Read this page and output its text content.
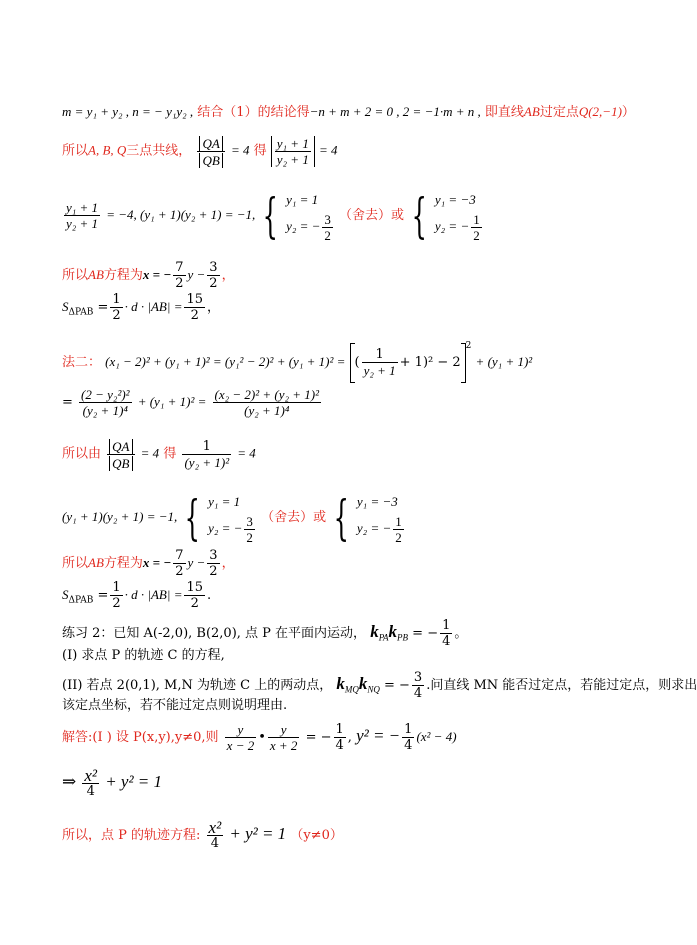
m = y₁ + y₂ , n = − y₁y₂ , 结合（1）的结论得−n + m + 2 = 0 , 2 = −1·m + n , 即直线AB过定点Q(2,−1)）
所以A, B, Q三点共线， $\frac{QA}{QB} = 4$ 得 $\frac{\text{y₁ + 1}}{\text{y₂ + 1}} = 4$
$\frac{\text{y₁ + 1}}{\text{y₂ + 1}} = -4$, (y₁ + 1)(y₂ + 1) = −1, { y₁ = 1
y₂ = − $\frac{3}{2}$ （舍去）或 { y₁ = −3
y₂ = − $\frac{1}{2}$
所以AB方程为x = − $\frac{7}{2}$ $y - \frac{3}{2}$ ，
$S_{\Delta PAB} = \frac{1}{2} \cdot d \cdot |AB| = \frac{15}{2}$ ，
法二： (x₁ − 2)² + (y₁ + 1)² = (y₁² − 2)² + (y₁ + 1)² = ( $\frac{1}{\text{y₂ + 1}} + 1)^2 - 2^2 + (y_1 + 1)^2$
= $\frac{\text{(2 − y₂²)²}}{\text{(y₂ + 1)⁴}} + (y_1 + 1)^2 = \frac{\text{(x₂ − 2)² + (y₂ + 1)²}}{\text{(y₂ + 1)⁴}}$
所以由 $\frac{QA}{QB} = 4$ 得 $\frac{1}{\text{(y₂ + 1)²}} = 4$
(y₁ + 1)(y₂ + 1) = −1, { y₁ = 1
y₂ = − $\frac{3}{2}$ （舍去）或 { y₁ = −3
y₂ = − $\frac{1}{2}$
所以AB方程为x = − $\frac{7}{2}$ $y - \frac{3}{2}$ ，
$S_{\Delta PAB} = \frac{1}{2} \cdot d \cdot |AB| = \frac{15}{2}$ .
练习 2：已知 A(-2,0), B(2,0), 点 P 在平面内运动， $k_{PA}k_{PB}$ = − $\frac{1}{4}$ 。
(I) 求点 P 的轨迹 C 的方程,
(II) 若点 2(0,1), M,N 为轨迹 C 上的两动点， $k_{MQ}k_{NQ}$ = − $\frac{3}{4}$ .问直线 MN 能否过定点，若能过定点，则求出
该定点坐标，若不能过定点则说明理由.
解答:(I ) 设 P(x,y),y≠0,则 $\frac{y}{x - 2}$ • $\frac{y}{x + 2}$ = − $\frac{1}{4}$ , y² = − $\frac{1}{4} (x^2 - 4)$
⇒ x²
4
+ y² = 1
所以，点 P 的轨迹方程: x²
4
+ y² = 1 （y≠0）
